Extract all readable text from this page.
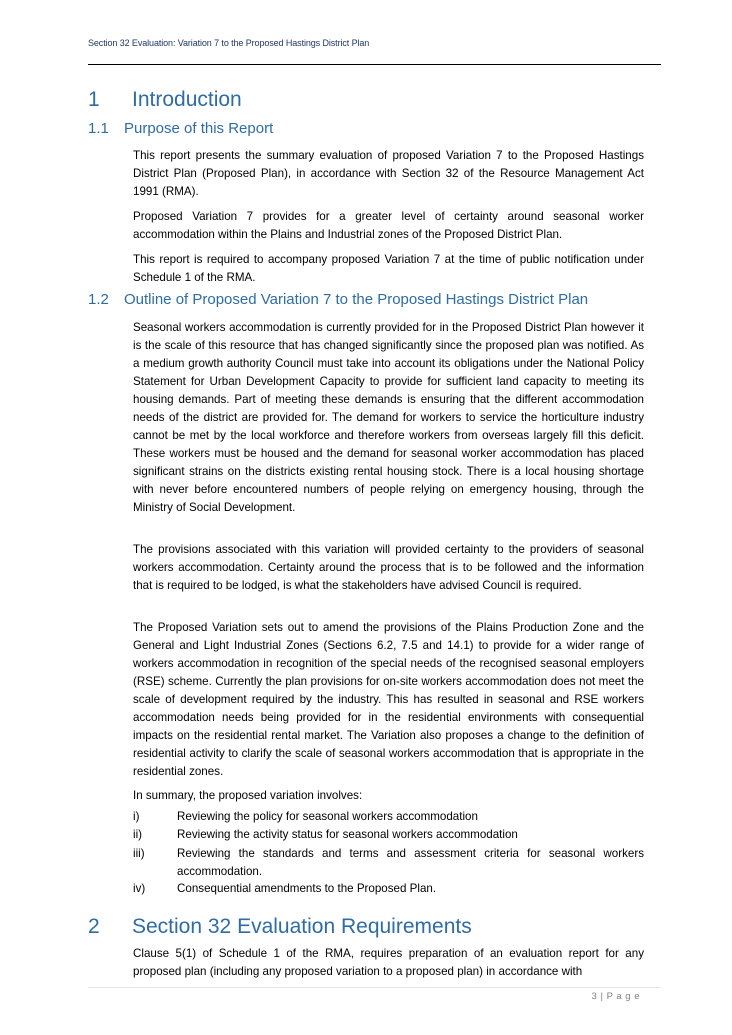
Section 32 Evaluation: Variation 7 to the Proposed Hastings District Plan
1 Introduction
1.1 Purpose of this Report

This report presents the summary evaluation of proposed Variation 7 to the Proposed Hastings District Plan (Proposed Plan), in accordance with Section 32 of the Resource Management Act 1991 (RMA).

Proposed Variation 7 provides for a greater level of certainty around seasonal worker accommodation within the Plains and Industrial zones of the Proposed District Plan.

This report is required to accompany proposed Variation 7 at the time of public notification under Schedule 1 of the RMA.

1.2 Outline of Proposed Variation 7 to the Proposed Hastings District Plan

Seasonal workers accommodation is currently provided for in the Proposed District Plan however it is the scale of this resource that has changed significantly since the proposed plan was notified. As a medium growth authority Council must take into account its obligations under the National Policy Statement for Urban Development Capacity to provide for sufficient land capacity to meeting its housing demands. Part of meeting these demands is ensuring that the different accommodation needs of the district are provided for. The demand for workers to service the horticulture industry cannot be met by the local workforce and therefore workers from overseas largely fill this deficit. These workers must be housed and the demand for seasonal worker accommodation has placed significant strains on the districts existing rental housing stock. There is a local housing shortage with never before encountered numbers of people relying on emergency housing, through the Ministry of Social Development.

The provisions associated with this variation will provided certainty to the providers of seasonal workers accommodation. Certainty around the process that is to be followed and the information that is required to be lodged, is what the stakeholders have advised Council is required.

The Proposed Variation sets out to amend the provisions of the Plains Production Zone and the General and Light Industrial Zones (Sections 6.2, 7.5 and 14.1) to provide for a wider range of workers accommodation in recognition of the special needs of the recognised seasonal employers (RSE) scheme. Currently the plan provisions for on-site workers accommodation does not meet the scale of development required by the industry. This has resulted in seasonal and RSE workers accommodation needs being provided for in the residential environments with consequential impacts on the residential rental market. The Variation also proposes a change to the definition of residential activity to clarify the scale of seasonal workers accommodation that is appropriate in the residential zones.

In summary, the proposed variation involves:

i)	Reviewing the policy for seasonal workers accommodation
ii)	Reviewing the activity status for seasonal workers accommodation
iii)	Reviewing the standards and terms and assessment criteria for seasonal workers accommodation.
iv)	Consequential amendments to the Proposed Plan.
2 Section 32 Evaluation Requirements

Clause 5(1) of Schedule 1 of the RMA, requires preparation of an evaluation report for any proposed plan (including any proposed variation to a proposed plan) in accordance with

3 | P a g e
